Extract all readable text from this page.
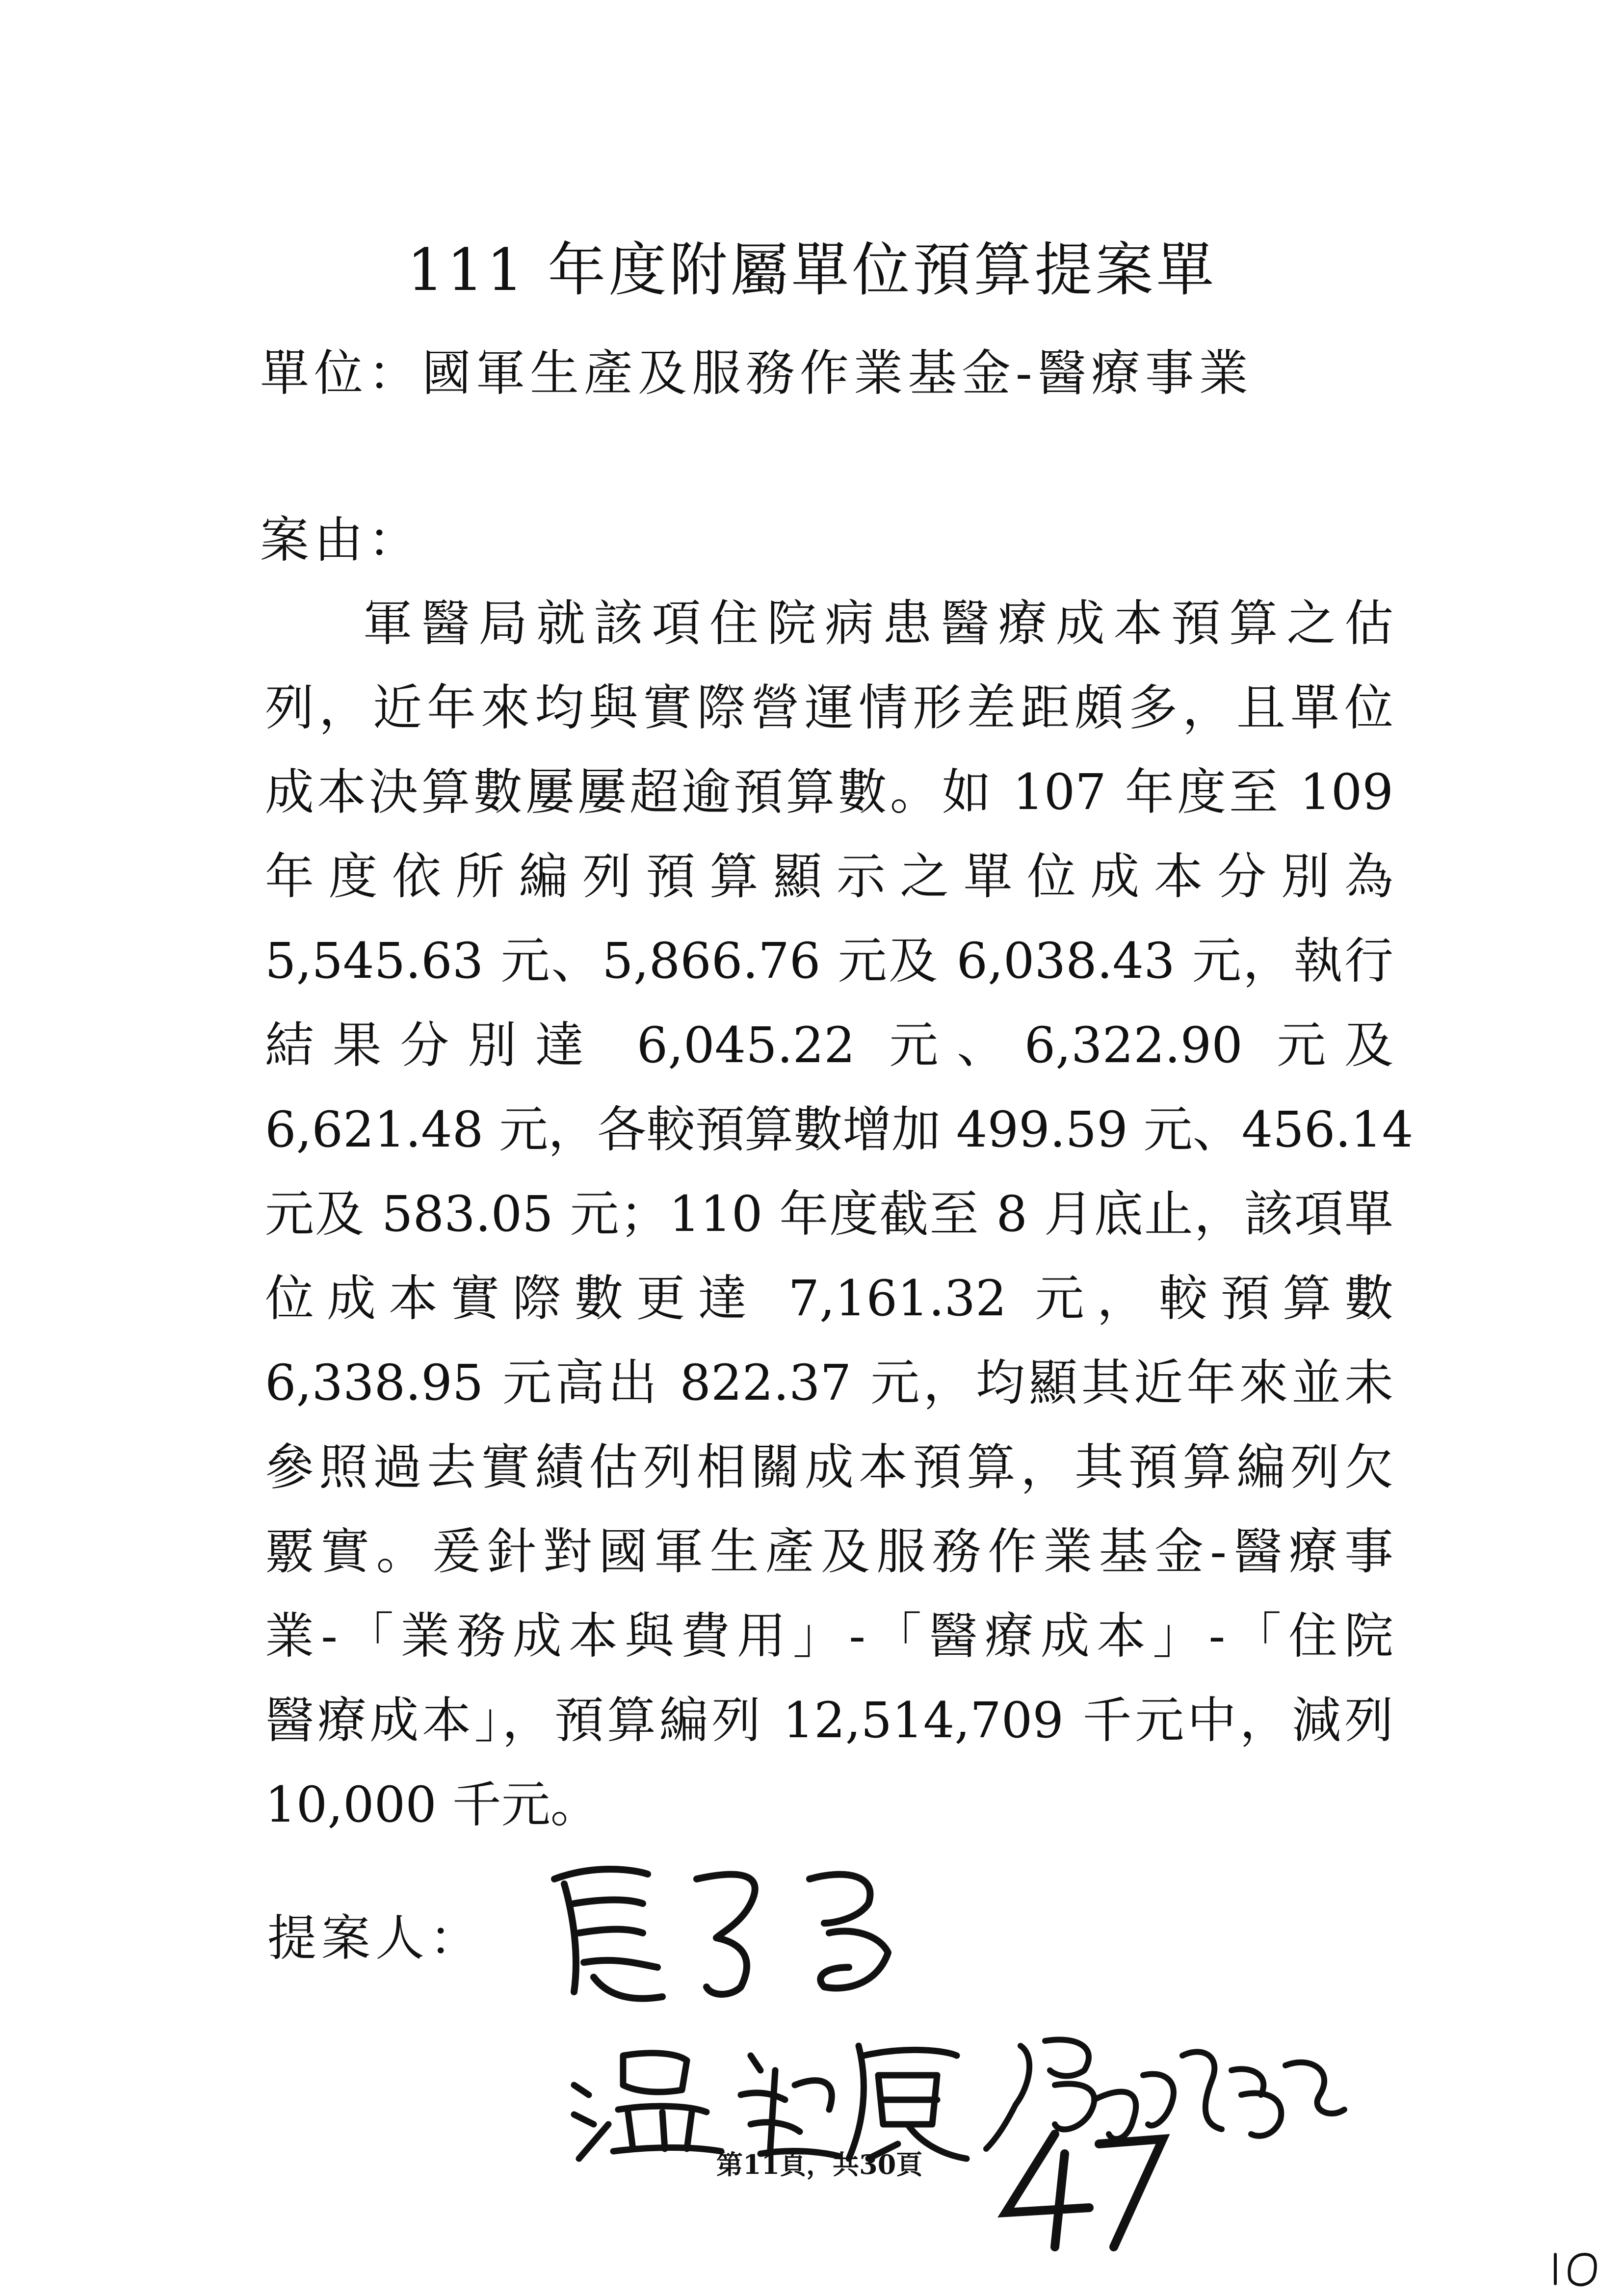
111 年度附屬單位預算提案單
單位：國軍生產及服務作業基金-醫療事業
案由：
軍醫局就該項住院病患醫療成本預算之估
列，近年來均與實際營運情形差距頗多，且單位
成本決算數屢屢超逾預算數。如 107 年度至 109
年度依所編列預算顯示之單位成本分別為
5,545.63 元、5,866.76 元及 6,038.43 元，執行
結果分別達 6,045.22 元、6,322.90 元及
6,621.48 元，各較預算數增加 499.59 元、456.14
元及 583.05 元；110 年度截至 8 月底止，該項單
位成本實際數更達 7,161.32 元，較預算數
6,338.95 元高出 822.37 元，均顯其近年來並未
參照過去實績估列相關成本預算，其預算編列欠
覈實。爰針對國軍生產及服務作業基金-醫療事
業-「業務成本與費用」-「醫療成本」-「住院
醫療成本」，預算編列 12,514,709 千元中，減列
10,000 千元。
提案人：
第11頁，共30頁
